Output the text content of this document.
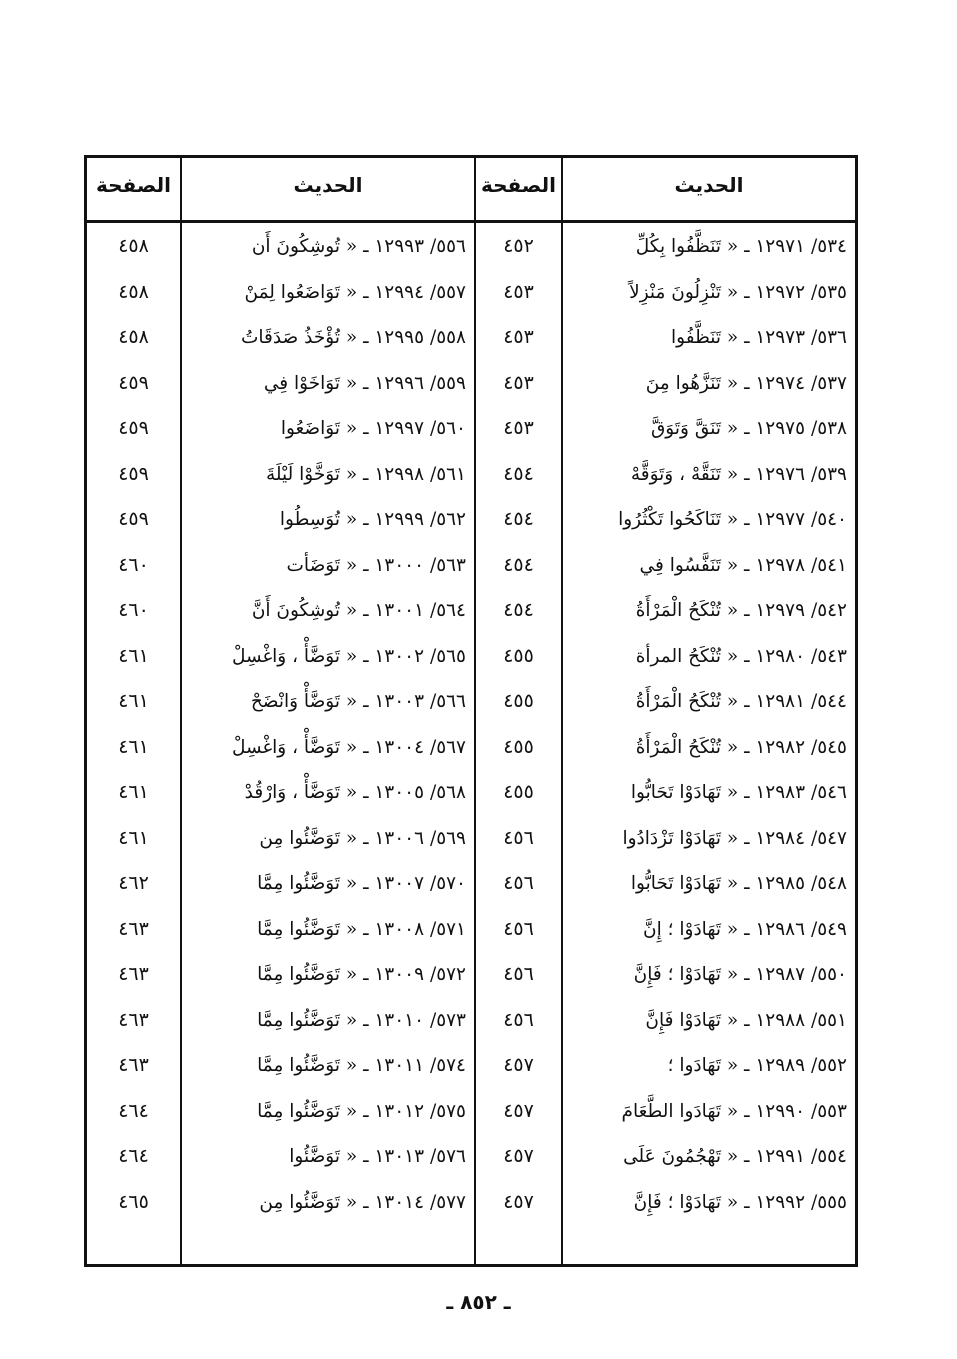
الحديث
الصفحة
الحديث
الصفحة
٥٣٤/ ١٢٩٧١ ـ « تَنَظَّفُوا بِكُلِّ
٤٥٢
٥٥٦/ ١٢٩٩٣ ـ « تُوشِكُونَ أَن
٤٥٨
٥٣٥/ ١٢٩٧٢ ـ « تَنْزِلُونَ مَنْزِلاً
٤٥٣
٥٥٧/ ١٢٩٩٤ ـ « تَوَاضَعُوا لِمَنْ
٤٥٨
٥٣٦/ ١٢٩٧٣ ـ « تَنَظَّفُوا
٤٥٣
٥٥٨/ ١٢٩٩٥ ـ « تُؤْخَذُ صَدَقَاتُ
٤٥٨
٥٣٧/ ١٢٩٧٤ ـ « تَنَزَّهُوا مِنَ
٤٥٣
٥٥٩/ ١٢٩٩٦ ـ « تَوَاخَوْا فِي
٤٥٩
٥٣٨/ ١٢٩٧٥ ـ « تَنَقَّ وَتَوَقَّ
٤٥٣
٥٦٠/ ١٢٩٩٧ ـ « تَوَاضَعُوا
٤٥٩
٥٣٩/ ١٢٩٧٦ ـ « تَنَقَّهْ ، وَتَوَقَّهْ
٤٥٤
٥٦١/ ١٢٩٩٨ ـ « تَوَخَّوْا لَيْلَةَ
٤٥٩
٥٤٠/ ١٢٩٧٧ ـ « تَنَاكَحُوا تَكْثُرُوا
٤٥٤
٥٦٢/ ١٢٩٩٩ ـ « تُوَسِطُوا
٤٥٩
٥٤١/ ١٢٩٧٨ ـ « تَنَفَّسُوا فِي
٤٥٤
٥٦٣/ ١٣٠٠٠ ـ « تَوَضَأت
٤٦٠
٥٤٢/ ١٢٩٧٩ ـ « تُنْكَحُ الْمَرْأَةُ
٤٥٤
٥٦٤/ ١٣٠٠١ ـ « تُوشِكُونَ أَنَّ
٤٦٠
٥٤٣/ ١٢٩٨٠ ـ « تُنْكَحُ المرأة
٤٥٥
٥٦٥/ ١٣٠٠٢ ـ « تَوَضَّأْ ، وَاغْسِلْ
٤٦١
٥٤٤/ ١٢٩٨١ ـ « تُنْكَحُ الْمَرْأَةُ
٤٥٥
٥٦٦/ ١٣٠٠٣ ـ « تَوَضَّأْ وَانْضَحْ
٤٦١
٥٤٥/ ١٢٩٨٢ ـ « تُنْكَحُ الْمَرْأَةُ
٤٥٥
٥٦٧/ ١٣٠٠٤ ـ « تَوَضَّأْ ، وَاغْسِلْ
٤٦١
٥٤٦/ ١٢٩٨٣ ـ « تَهَادَوْا تَحَابُّوا
٤٥٥
٥٦٨/ ١٣٠٠٥ ـ « تَوَضَّأْ ، وَارْقُدْ
٤٦١
٥٤٧/ ١٢٩٨٤ ـ « تَهَادَوْا تَزْدَادُوا
٤٥٦
٥٦٩/ ١٣٠٠٦ ـ « تَوَضَّئُوا مِن
٤٦١
٥٤٨/ ١٢٩٨٥ ـ « تَهَادَوْا تَحَابُّوا
٤٥٦
٥٧٠/ ١٣٠٠٧ ـ « تَوَضَّئُوا مِمَّا
٤٦٢
٥٤٩/ ١٢٩٨٦ ـ « تَهَادَوْا ؛ إِنَّ
٤٥٦
٥٧١/ ١٣٠٠٨ ـ « تَوَضَّئُوا مِمَّا
٤٦٣
٥٥٠/ ١٢٩٨٧ ـ « تَهَادَوْا ؛ فَإِنَّ
٤٥٦
٥٧٢/ ١٣٠٠٩ ـ « تَوَضَّئُوا مِمَّا
٤٦٣
٥٥١/ ١٢٩٨٨ ـ « تَهَادَوْا فَإِنَّ
٤٥٦
٥٧٣/ ١٣٠١٠ ـ « تَوَضَّئُوا مِمَّا
٤٦٣
٥٥٢/ ١٢٩٨٩ ـ « تَهَادَوا ؛
٤٥٧
٥٧٤/ ١٣٠١١ ـ « تَوَضَّئُوا مِمَّا
٤٦٣
٥٥٣/ ١٢٩٩٠ ـ « تَهَادَوا الطَّعَامَ
٤٥٧
٥٧٥/ ١٣٠١٢ ـ « تَوَضَّئُوا مِمَّا
٤٦٤
٥٥٤/ ١٢٩٩١ ـ « تَهْجُمُونَ عَلَى
٤٥٧
٥٧٦/ ١٣٠١٣ ـ « تَوَضَّئُوا
٤٦٤
٥٥٥/ ١٢٩٩٢ ـ « تَهَادَوْا ؛ فَإِنَّ
٤٥٧
٥٧٧/ ١٣٠١٤ ـ « تَوَضَّئُوا مِن
٤٦٥
ـ ٨٥٢ ـ
